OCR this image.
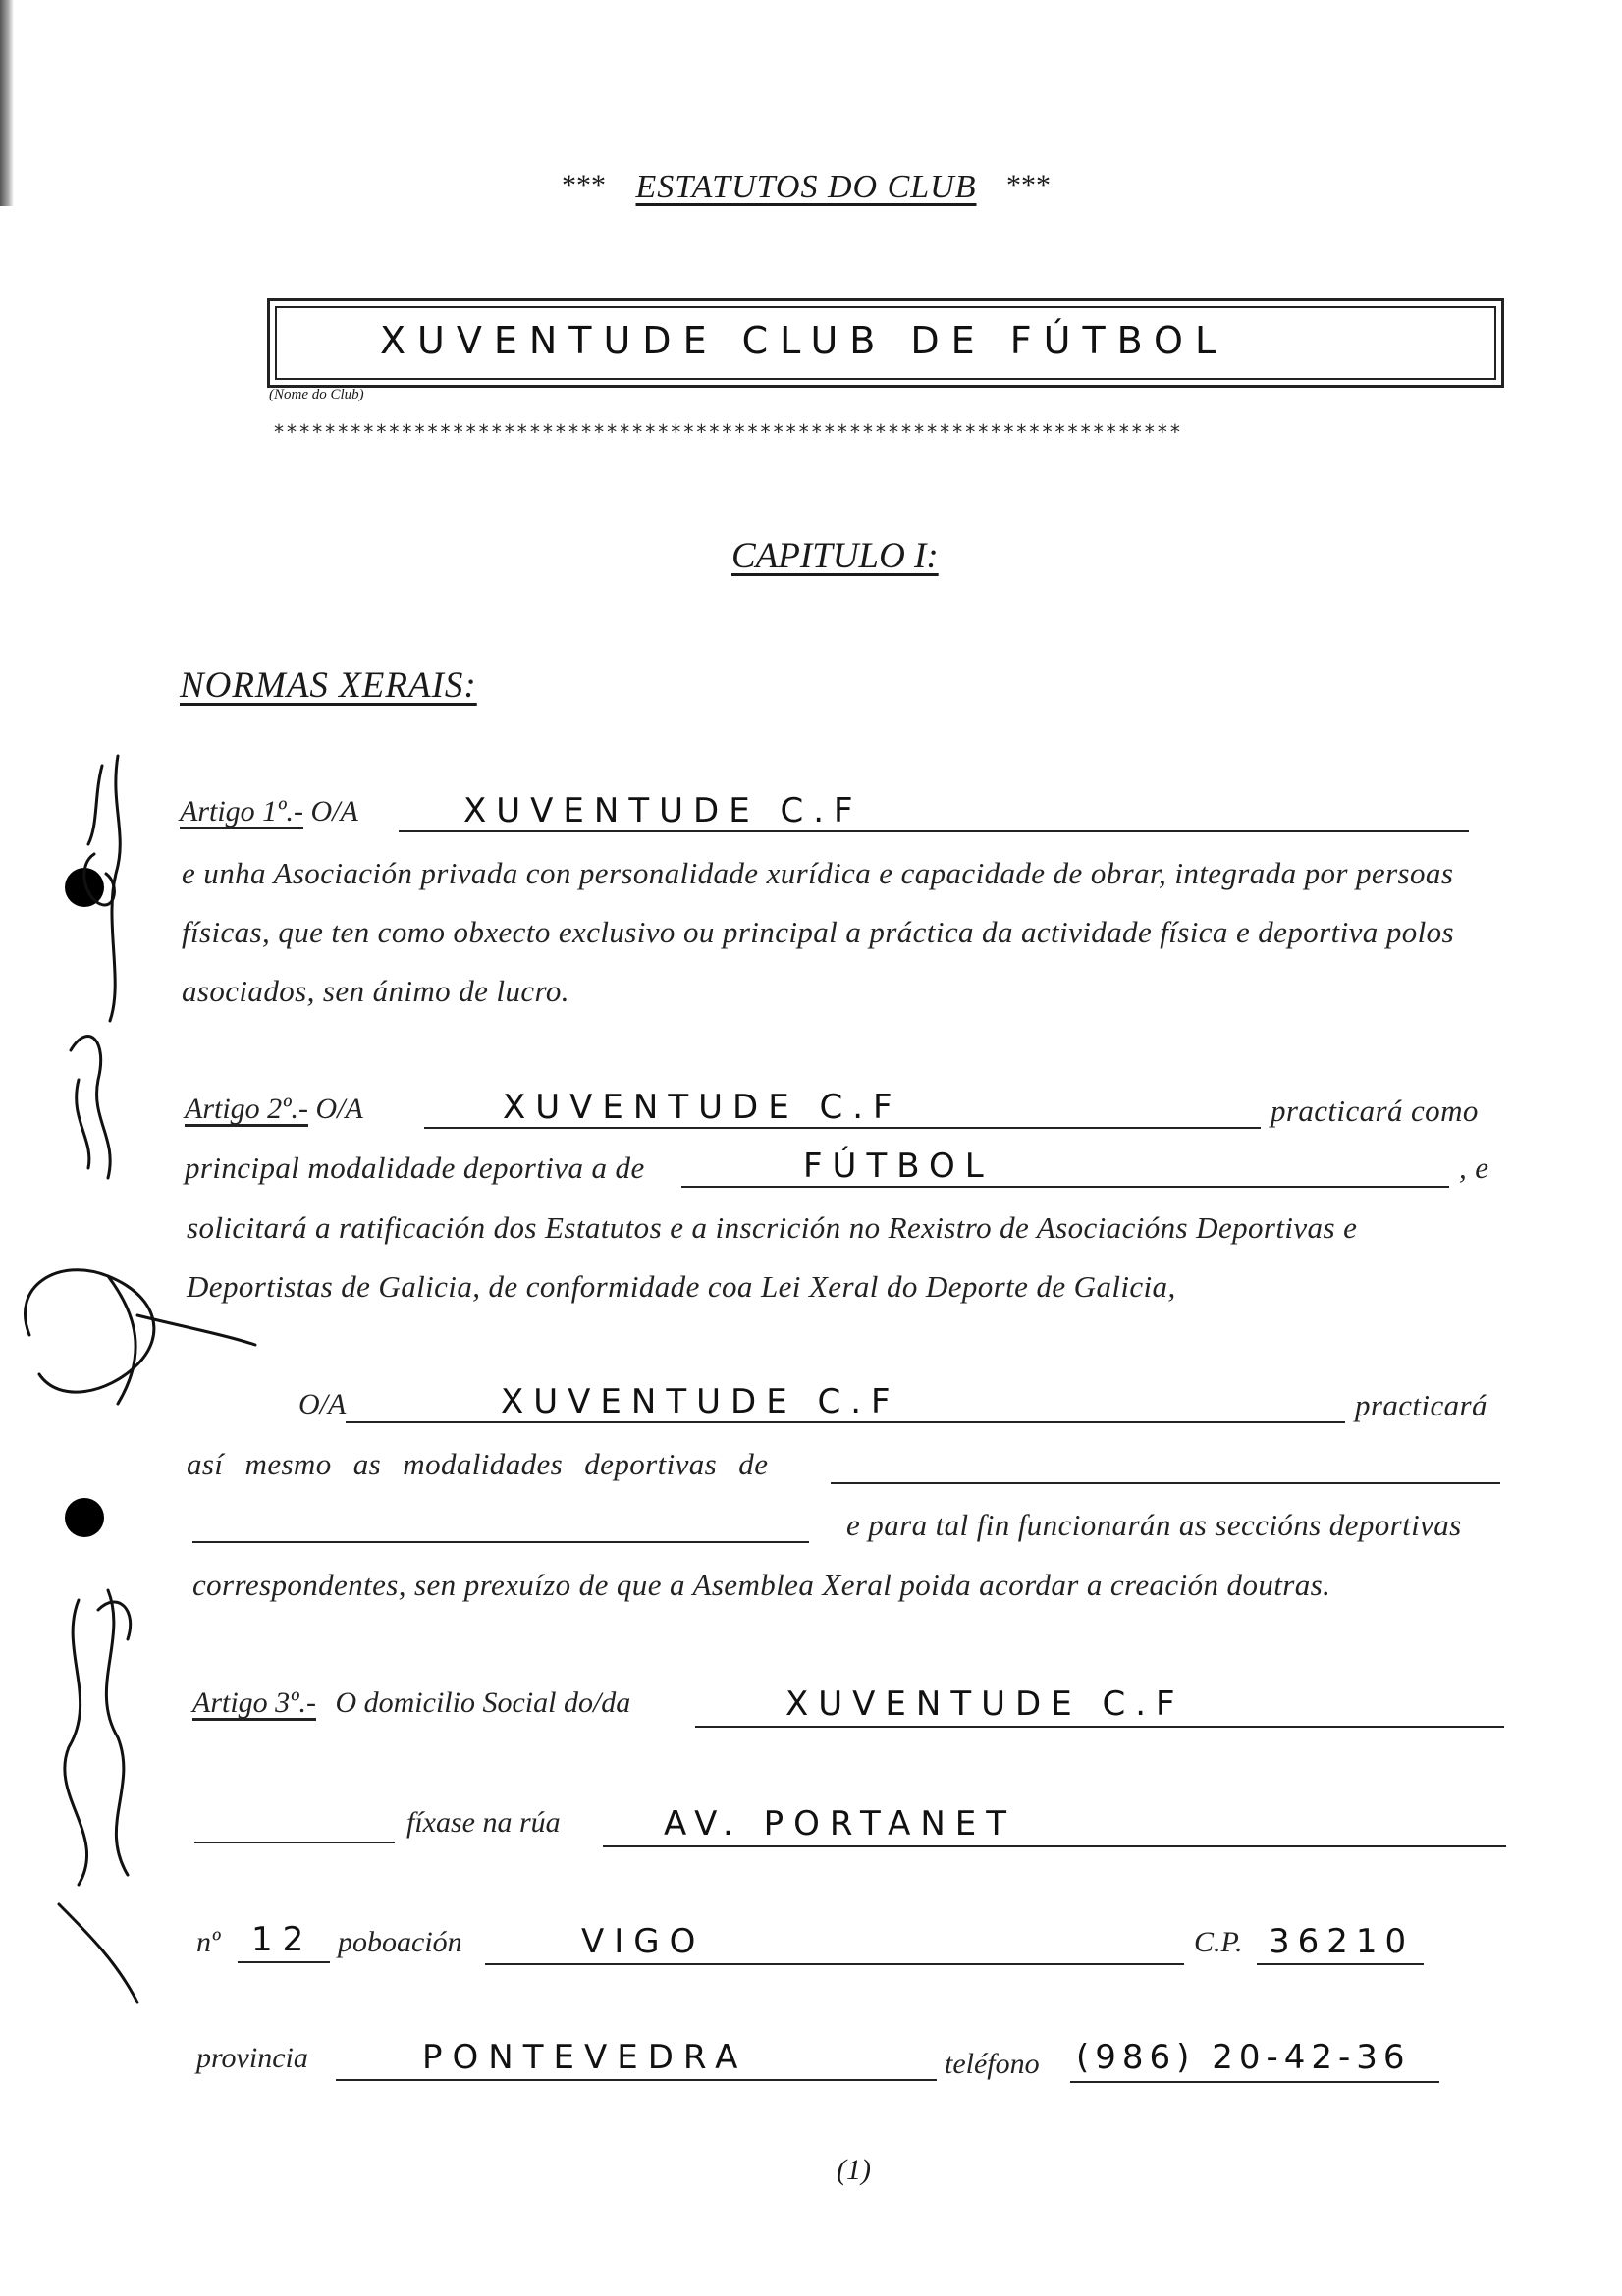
*** ESTATUTOS DO CLUB ***
XUVENTUDE CLUB DE FÚTBOL
(Nome do Club)
***********************************************************************
CAPITULO I:
NORMAS XERAIS:
Artigo 1º.- O/A	XUVENTUDE C.F
e unha Asociación privada con personalidade xurídica e capacidade de obrar, integrada por persoas
físicas, que ten como obxecto exclusivo ou principal a práctica da actividade física e deportiva polos
asociados, sen ánimo de lucro.
Artigo 2º.- O/A	XUVENTUDE C.F	practicará como
principal modalidade deportiva a de	FÚTBOL	, e
solicitará a ratificación dos Estatutos e a inscrición no Rexistro de Asociacións Deportivas e
Deportistas de Galicia, de conformidade coa Lei Xeral do Deporte de Galicia,
O/A	XUVENTUDE C.F	practicará
así mesmo as modalidades deportivas de
e para tal fin funcionarán as seccións deportivas
correspondentes, sen prexuízo de que a Asemblea Xeral poida acordar a creación doutras.
Artigo 3º.- O domicilio Social do/da	XUVENTUDE C.F
fíxase na rúa	AV. PORTANET
nº 12 poboación	VIGO	C.P. 36210
provincia	PONTEVEDRA	teléfono (986) 20-42-36
(1)
